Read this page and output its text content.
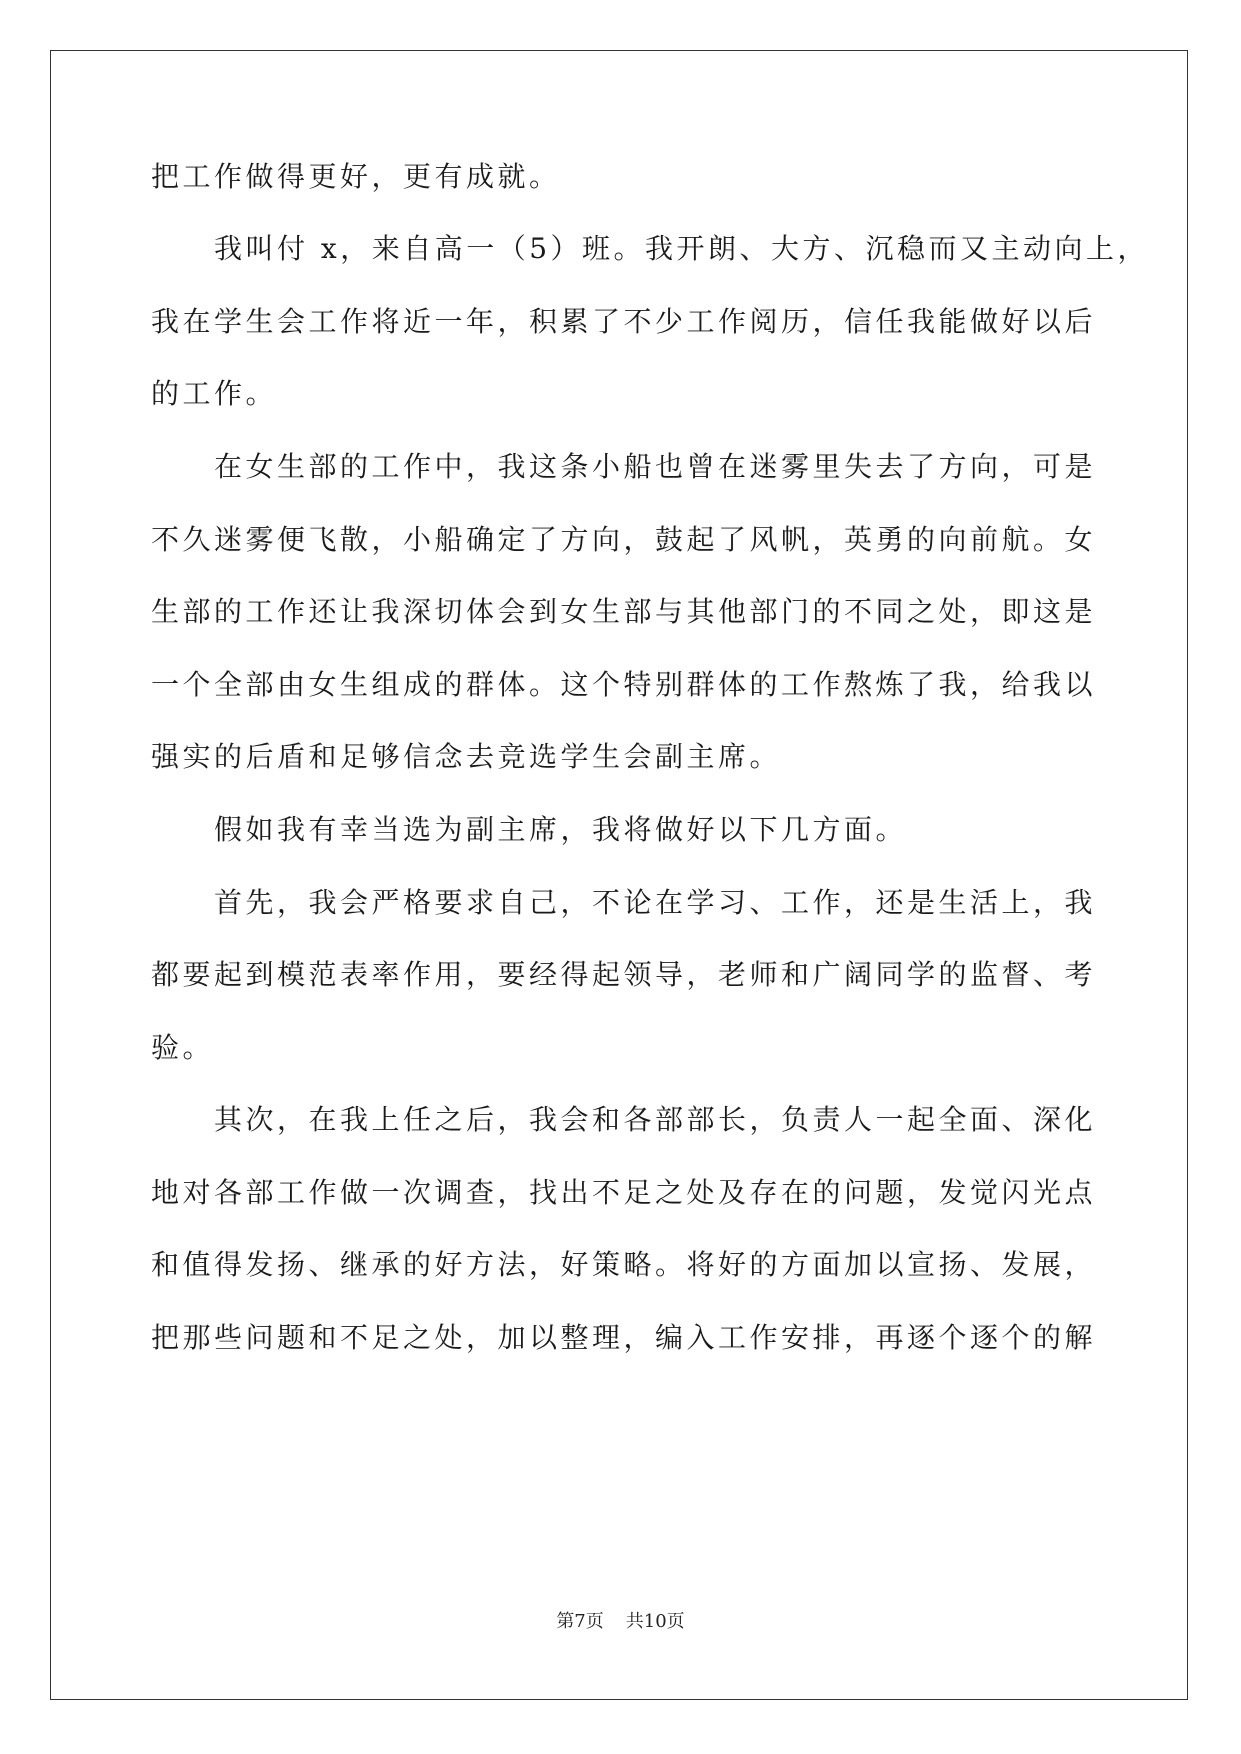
把工作做得更好，更有成就。
　　我叫付 x，来自高一（5）班。我开朗、大方、沉稳而又主动向上，
我在学生会工作将近一年，积累了不少工作阅历，信任我能做好以后
的工作。
　　在女生部的工作中，我这条小船也曾在迷雾里失去了方向，可是
不久迷雾便飞散，小船确定了方向，鼓起了风帆，英勇的向前航。女
生部的工作还让我深切体会到女生部与其他部门的不同之处，即这是
一个全部由女生组成的群体。这个特别群体的工作熬炼了我，给我以
强实的后盾和足够信念去竞选学生会副主席。
　　假如我有幸当选为副主席，我将做好以下几方面。
　　首先，我会严格要求自己，不论在学习、工作，还是生活上，我
都要起到模范表率作用，要经得起领导，老师和广阔同学的监督、考
验。
　　其次，在我上任之后，我会和各部部长，负责人一起全面、深化
地对各部工作做一次调查，找出不足之处及存在的问题，发觉闪光点
和值得发扬、继承的好方法，好策略。将好的方面加以宣扬、发展，
把那些问题和不足之处，加以整理，编入工作安排，再逐个逐个的解
第7页 共10页
